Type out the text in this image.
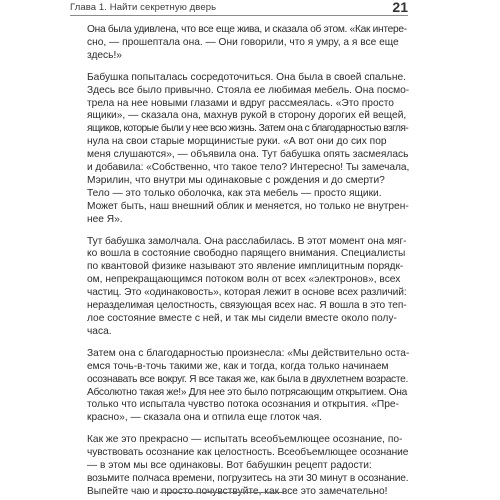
Глава 1. Найти секретную дверь	21

Она была удивлена, что все еще жива, и сказала об этом. «Как интере-
сно, — прошептала она. — Они говорили, что я умру, а я все еще
здесь!»

Бабушка попыталась сосредоточиться. Она была в своей спальне.
Здесь все было привычно. Стояла ее любимая мебель. Она посмо-
трела на нее новыми глазами и вдруг рассмеялась. «Это просто
ящики», — сказала она, махнув рукой в сторону дорогих ей вещей,
ящиков, которые были у нее всю жизнь. Затем она с благодарностью взгля-
нула на свои старые морщинистые руки. «А вот они до сих пор
меня слушаются», — объявила она. Тут бабушка опять засмеялась
и добавила: «Собственно, что такое тело? Интересно! Ты замечала,
Мэрилин, что внутри мы одинаковые с рождения и до смерти?
Тело — это только оболочка, как эта мебель — просто ящики.
Может быть, наш внешний облик и меняется, но только не внутрен-
нее Я».

Тут бабушка замолчала. Она расслабилась. В этот момент она мяг-
ко вошла в состояние свободно парящего внимания. Специалисты
по квантовой физике называют это явление имплицитным порядк-
ом, непрекращающимся потоком волн от всех «электронов», всех
частиц. Это «одинаковость», которая лежит в основе всех различий:
неразделимая целостность, связующая всех нас. Я вошла в это теп-
лое состояние вместе с ней, и так мы сидели вместе около полу-
часа.

Затем она с благодарностью произнесла: «Мы действительно оста-
емся точь-в-точь такими же, как и тогда, когда только начинаем
осознавать все вокруг. Я все такая же, как была в двухлетнем возрасте.
Абсолютно такая же!» Для нее это было потрясающим открытием. Она
только что испытала чувство потока осознания и открытия. «Пре-
красно», — сказала она и отпила еще глоток чая.

Как же это прекрасно — испытать всеобъемлющее осознание, по-
чувствовать осознание как целостность. Всеобъемлющее осознание
— в этом мы все одинаковы. Вот бабушкин рецепт радости:
возьмите полчаса времени, погрузитесь на эти 30 минут в осознание.
Выпейте чаю и просто почувствуйте, как все это замечательно!
